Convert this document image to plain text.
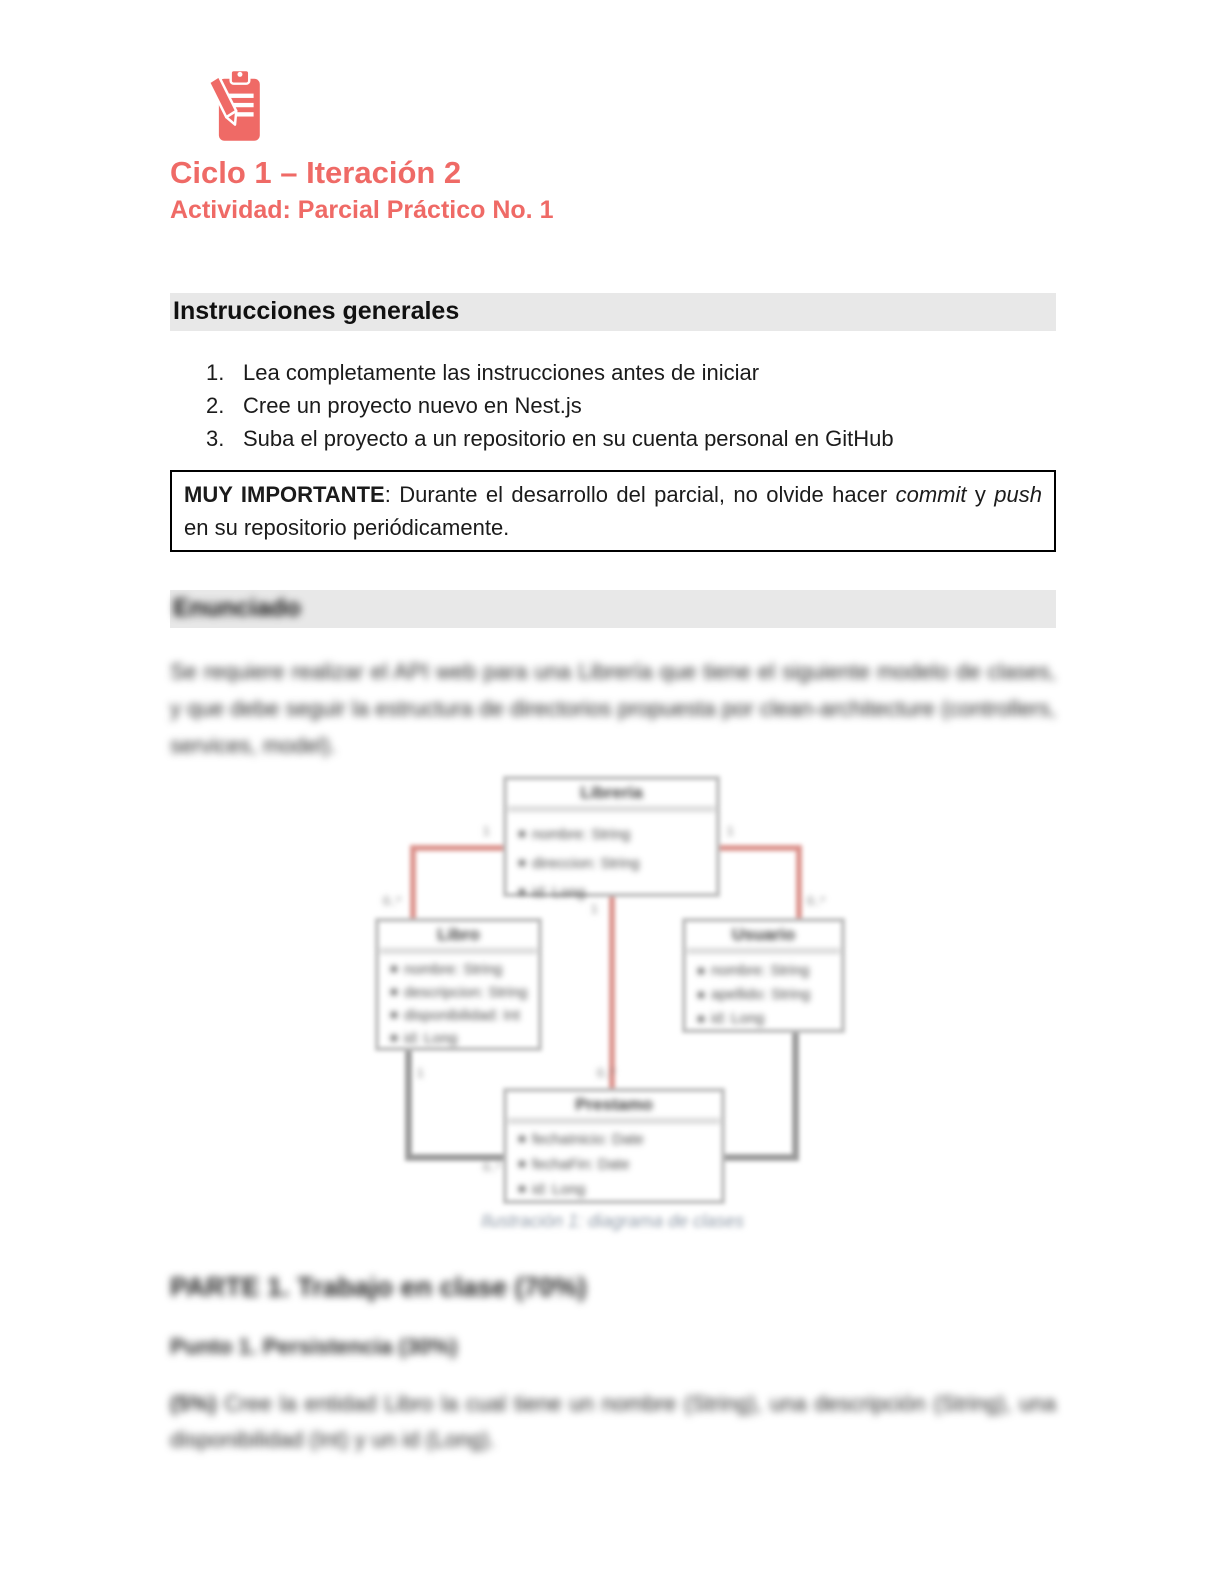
Ciclo 1 – Iteración 2
Actividad: Parcial Práctico No. 1
Instrucciones generales
1. Lea completamente las instrucciones antes de iniciar
2. Cree un proyecto nuevo en Nest.js
3. Suba el proyecto a un repositorio en su cuenta personal en GitHub
MUY IMPORTANTE: Durante el desarrollo del parcial, no olvide hacer commit y push en su repositorio periódicamente.
Enunciado

Se requiere realizar el API web para una Librería que tiene el siguiente modelo de clases, y que debe seguir la estructura de directorios propuesta por clean-architecture (controllers, services, model).

1
0..*
1
0..*
1
0..*
1
0..*
Libreria
nombre: String
direccion: String
id: Long
Libro
nombre: String
descripcion: String
disponibilidad: Int
id: Long
Usuario
nombre: String
apellido: String
id: Long
Prestamo
fechaInicio: Date
fechaFin: Date
id: Long
Ilustración 1: diagrama de clases
PARTE 1. Trabajo en clase (70%)
Punto 1. Persistencia (30%)

(5%) Cree la entidad Libro la cual tiene un nombre (String), una descripción (String), una disponibilidad (Int) y un id (Long).
